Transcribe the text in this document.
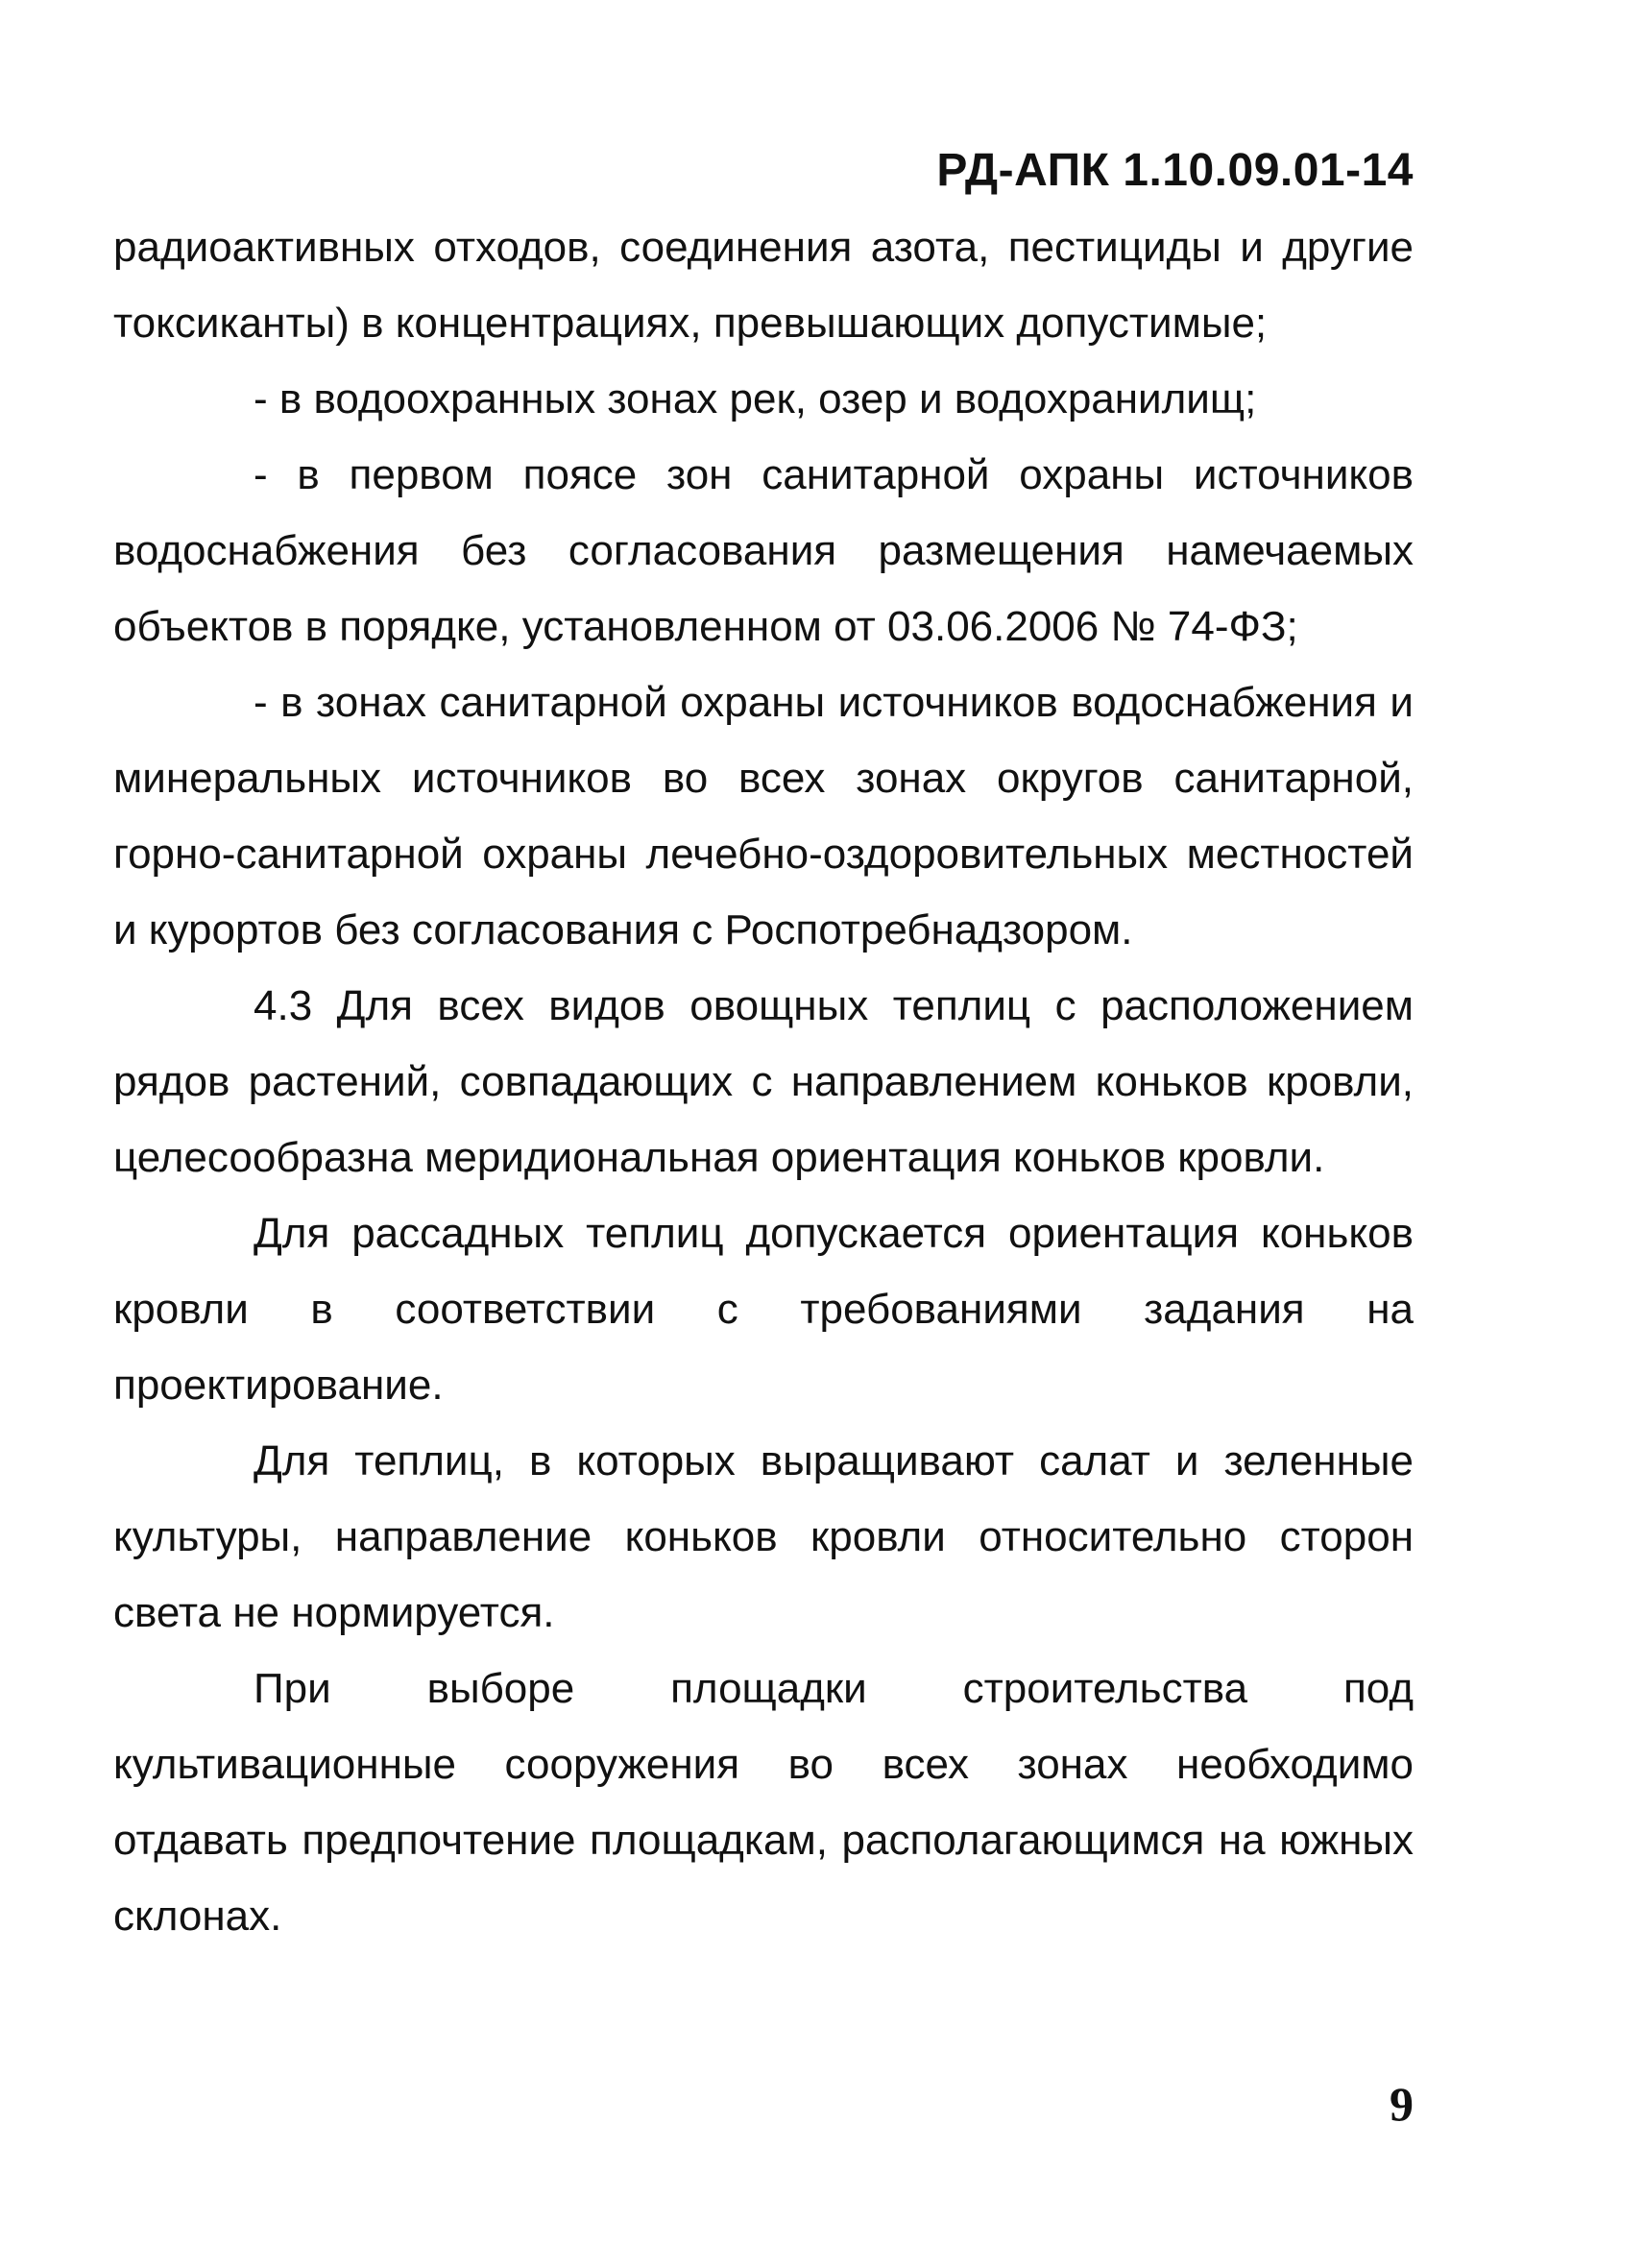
РД-АПК 1.10.09.01-14

радиоактивных отходов, соединения азота, пестициды и другие токсиканты) в концентрациях, превышающих допустимые;

- в водоохранных зонах рек, озер и водохранилищ;

- в первом поясе зон санитарной охраны источников водоснабжения без согласования размещения намечаемых объектов в порядке, установленном от 03.06.2006 № 74-ФЗ;

- в зонах санитарной охраны источников водоснабжения и минеральных источников во всех зонах округов санитарной, горно-санитарной охраны лечебно-оздоровительных местностей и курортов без согласования с Роспотребнадзором.

4.3 Для всех видов овощных теплиц с расположением рядов растений, совпадающих с направлением коньков кровли, целесообразна меридиональная ориентация коньков кровли.

Для рассадных теплиц допускается ориентация коньков кровли в соответствии с требованиями задания на проектирование.

Для теплиц, в которых выращивают салат и зеленные культуры, направление коньков кровли относительно сторон света не нормируется.

При выборе площадки строительства под культивационные сооружения во всех зонах необходимо отдавать предпочтение площадкам, располагающимся на южных склонах.

9
